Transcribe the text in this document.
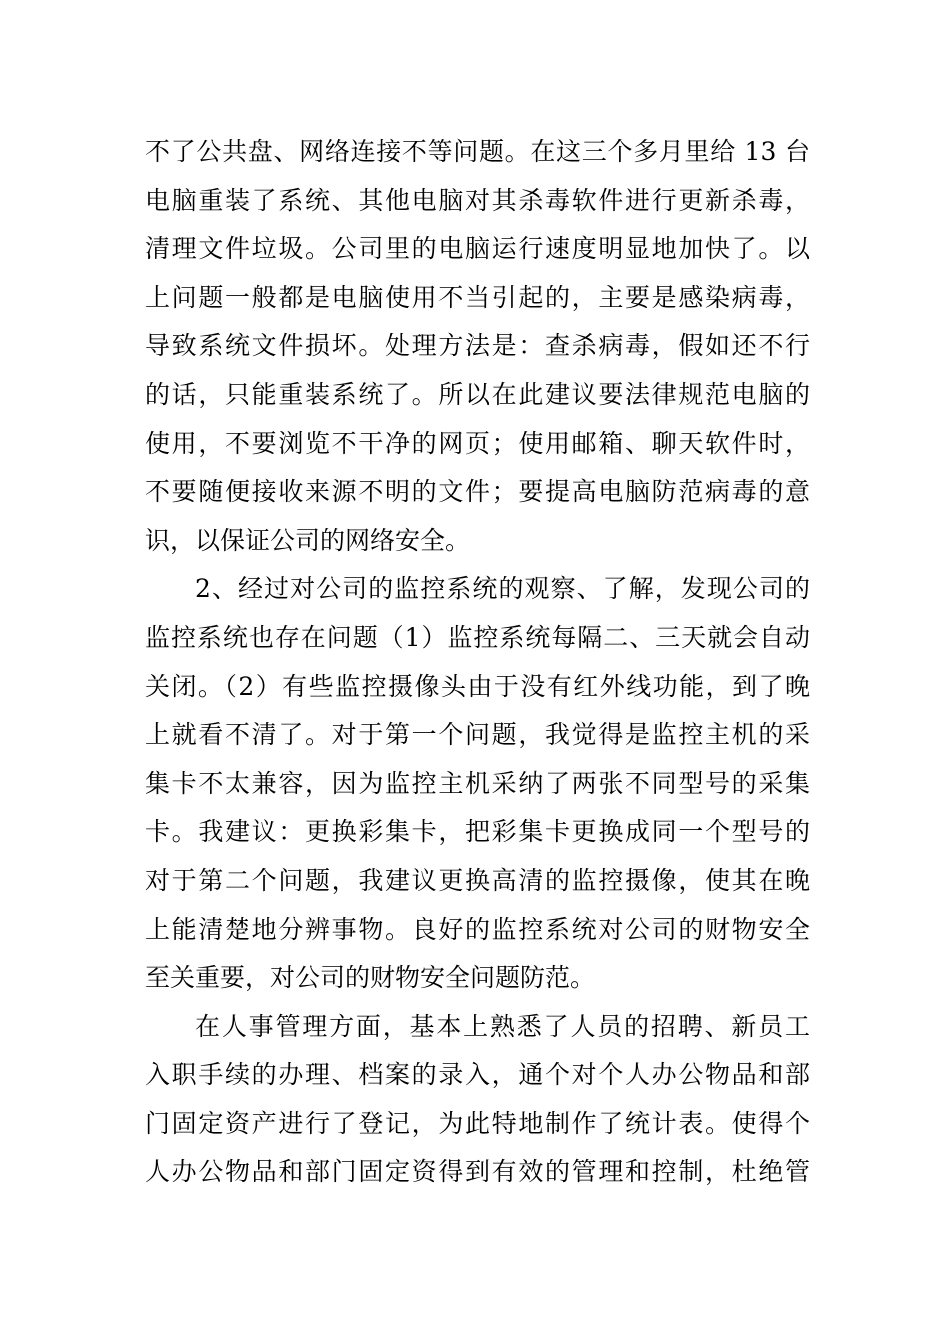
不了公共盘、网络连接不等问题。在这三个多月里给 13 台
电脑重装了系统、其他电脑对其杀毒软件进行更新杀毒，
清理文件垃圾。公司里的电脑运行速度明显地加快了。以
上问题一般都是电脑使用不当引起的，主要是感染病毒，
导致系统文件损坏。处理方法是：查杀病毒，假如还不行
的话，只能重装系统了。所以在此建议要法律规范电脑的
使用，不要浏览不干净的网页；使用邮箱、聊天软件时，
不要随便接收来源不明的文件；要提高电脑防范病毒的意
识，以保证公司的网络安全。
2、经过对公司的监控系统的观察、了解，发现公司的
监控系统也存在问题（1）监控系统每隔二、三天就会自动
关闭。（2）有些监控摄像头由于没有红外线功能，到了晚
上就看不清了。对于第一个问题，我觉得是监控主机的采
集卡不太兼容，因为监控主机采纳了两张不同型号的采集
卡。我建议：更换彩集卡，把彩集卡更换成同一个型号的
对于第二个问题，我建议更换高清的监控摄像，使其在晚
上能清楚地分辨事物。良好的监控系统对公司的财物安全
至关重要，对公司的财物安全问题防范。
在人事管理方面，基本上熟悉了人员的招聘、新员工
入职手续的办理、档案的录入，通个对个人办公物品和部
门固定资产进行了登记，为此特地制作了统计表。使得个
人办公物品和部门固定资得到有效的管理和控制，杜绝管
